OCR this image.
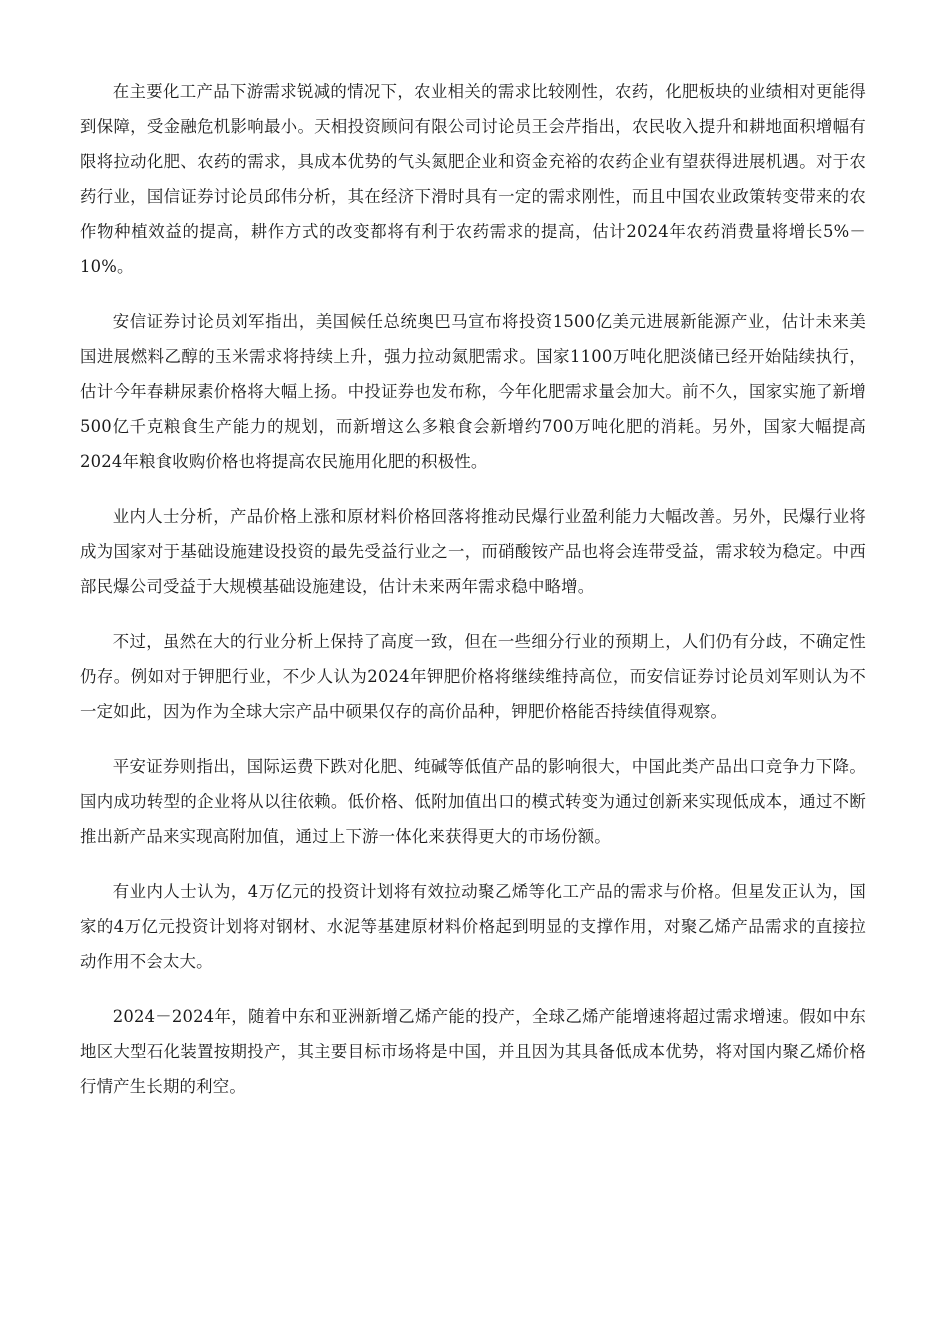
在主要化工产品下游需求锐减的情况下，农业相关的需求比较刚性，农药，化肥板块的业绩相对更能得到保障，受金融危机影响最小。天相投资顾问有限公司讨论员王会芹指出，农民收入提升和耕地面积增幅有限将拉动化肥、农药的需求，具成本优势的气头氮肥企业和资金充裕的农药企业有望获得进展机遇。对于农药行业，国信证券讨论员邱伟分析，其在经济下滑时具有一定的需求刚性，而且中国农业政策转变带来的农作物种植效益的提高，耕作方式的改变都将有利于农药需求的提高，估计2024年农药消费量将增长5%－10%。

安信证券讨论员刘军指出，美国候任总统奥巴马宣布将投资1500亿美元进展新能源产业，估计未来美国进展燃料乙醇的玉米需求将持续上升，强力拉动氮肥需求。国家1100万吨化肥淡储已经开始陆续执行，估计今年春耕尿素价格将大幅上扬。中投证券也发布称，今年化肥需求量会加大。前不久，国家实施了新增500亿千克粮食生产能力的规划，而新增这么多粮食会新增约700万吨化肥的消耗。另外，国家大幅提高2024年粮食收购价格也将提高农民施用化肥的积极性。

业内人士分析，产品价格上涨和原材料价格回落将推动民爆行业盈利能力大幅改善。另外，民爆行业将成为国家对于基础设施建设投资的最先受益行业之一，而硝酸铵产品也将会连带受益，需求较为稳定。中西部民爆公司受益于大规模基础设施建设，估计未来两年需求稳中略增。

不过，虽然在大的行业分析上保持了高度一致，但在一些细分行业的预期上，人们仍有分歧，不确定性仍存。例如对于钾肥行业，不少人认为2024年钾肥价格将继续维持高位，而安信证券讨论员刘军则认为不一定如此，因为作为全球大宗产品中硕果仅存的高价品种，钾肥价格能否持续值得观察。

平安证券则指出，国际运费下跌对化肥、纯碱等低值产品的影响很大，中国此类产品出口竞争力下降。国内成功转型的企业将从以往依赖。低价格、低附加值出口的模式转变为通过创新来实现低成本，通过不断推出新产品来实现高附加值，通过上下游一体化来获得更大的市场份额。

有业内人士认为，4万亿元的投资计划将有效拉动聚乙烯等化工产品的需求与价格。但星发正认为，国家的4万亿元投资计划将对钢材、水泥等基建原材料价格起到明显的支撑作用，对聚乙烯产品需求的直接拉动作用不会太大。

2024－2024年，随着中东和亚洲新增乙烯产能的投产，全球乙烯产能增速将超过需求增速。假如中东地区大型石化装置按期投产，其主要目标市场将是中国，并且因为其具备低成本优势，将对国内聚乙烯价格行情产生长期的利空。
